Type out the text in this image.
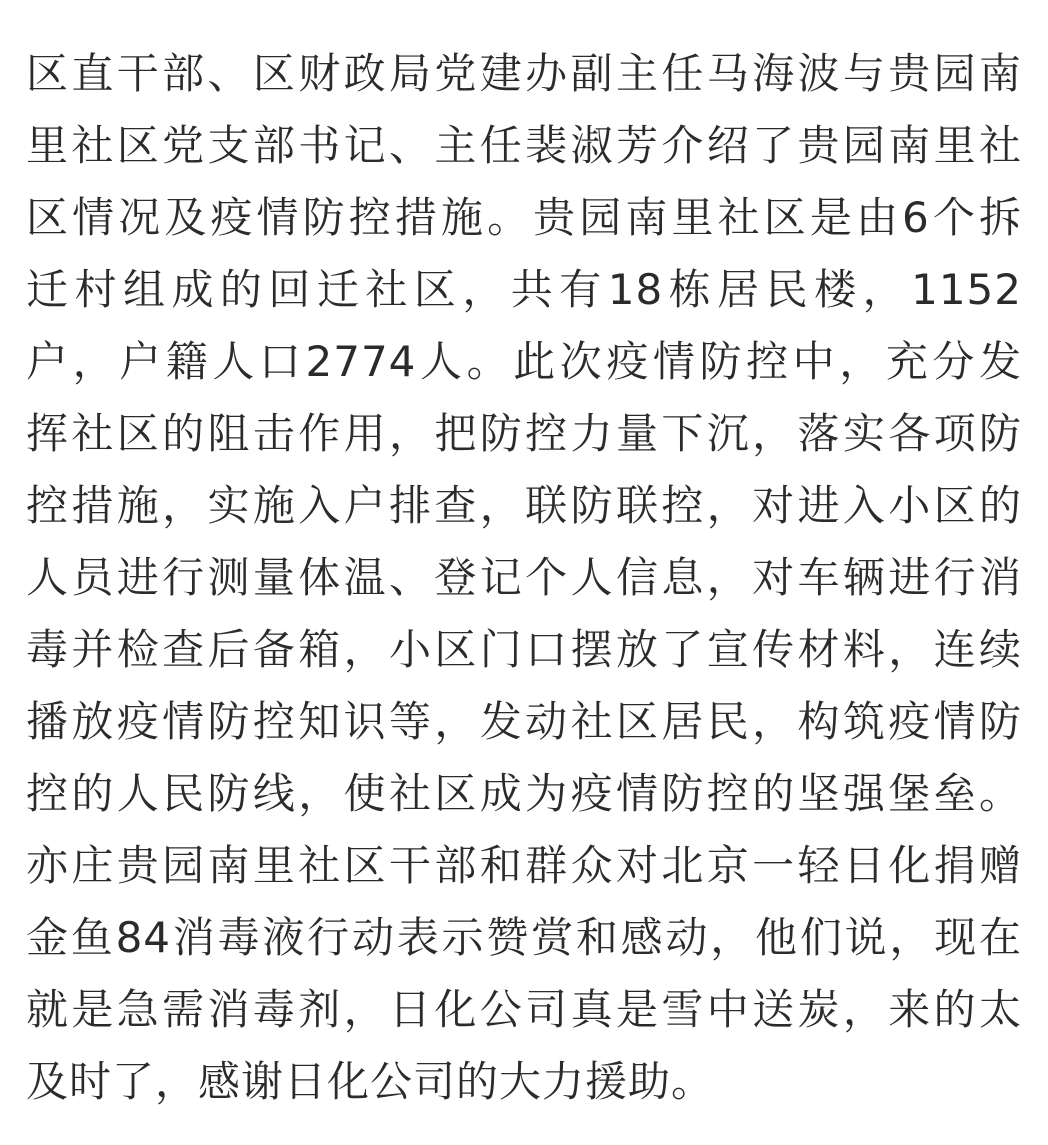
区直干部、区财政局党建办副主任马海波与贵园南
里社区党支部书记、主任裴淑芳介绍了贵园南里社
区情况及疫情防控措施。贵园南里社区是由6个拆
迁村组成的回迁社区，共有18栋居民楼，1152
户，户籍人口2774人。此次疫情防控中，充分发
挥社区的阻击作用，把防控力量下沉，落实各项防
控措施，实施入户排查，联防联控，对进入小区的
人员进行测量体温、登记个人信息，对车辆进行消
毒并检查后备箱，小区门口摆放了宣传材料，连续
播放疫情防控知识等，发动社区居民，构筑疫情防
控的人民防线，使社区成为疫情防控的坚强堡垒。
亦庄贵园南里社区干部和群众对北京一轻日化捐赠
金鱼84消毒液行动表示赞赏和感动，他们说，现在
就是急需消毒剂，日化公司真是雪中送炭，来的太
及时了，感谢日化公司的大力援助。
